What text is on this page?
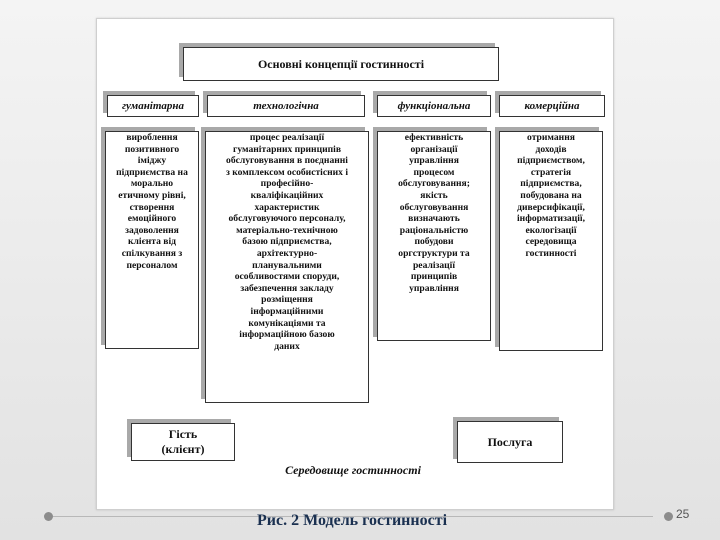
Основні концепції гостинності
гуманітарна	технологічна	функціональна	комерційна
вироблення
позитивного
іміджу
підприємства на
морально
етичному рівні,
створення
емоційного
задоволення
клієнта від
спілкування з
персоналом
процес реалізації
гуманітарних принципів
обслуговування в поєднанні
з комплексом особистісних і
професійно-
кваліфікаційних
характеристик
обслуговуючого персоналу,
матеріально-технічною
базою підприємства,
архітектурно-
планувальними
особливостями споруди,
забезпечення закладу
розміщення
інформаційними
комунікаціями та
інформаційною базою
даних
ефективність
організації
управління
процесом
обслуговування;
якість
обслуговування
визначають
раціональністю
побудови
оргструктури та
реалізації
принципів
управління
отримання
доходів
підприємством,
стратегія
підприємства,
побудована на
диверсифікації,
інформатизації,
екологізації
середовища
гостинності
Гість
(клієнт)
Послуга
Середовище гостинності
Рис. 2 Модель гостинності	25
